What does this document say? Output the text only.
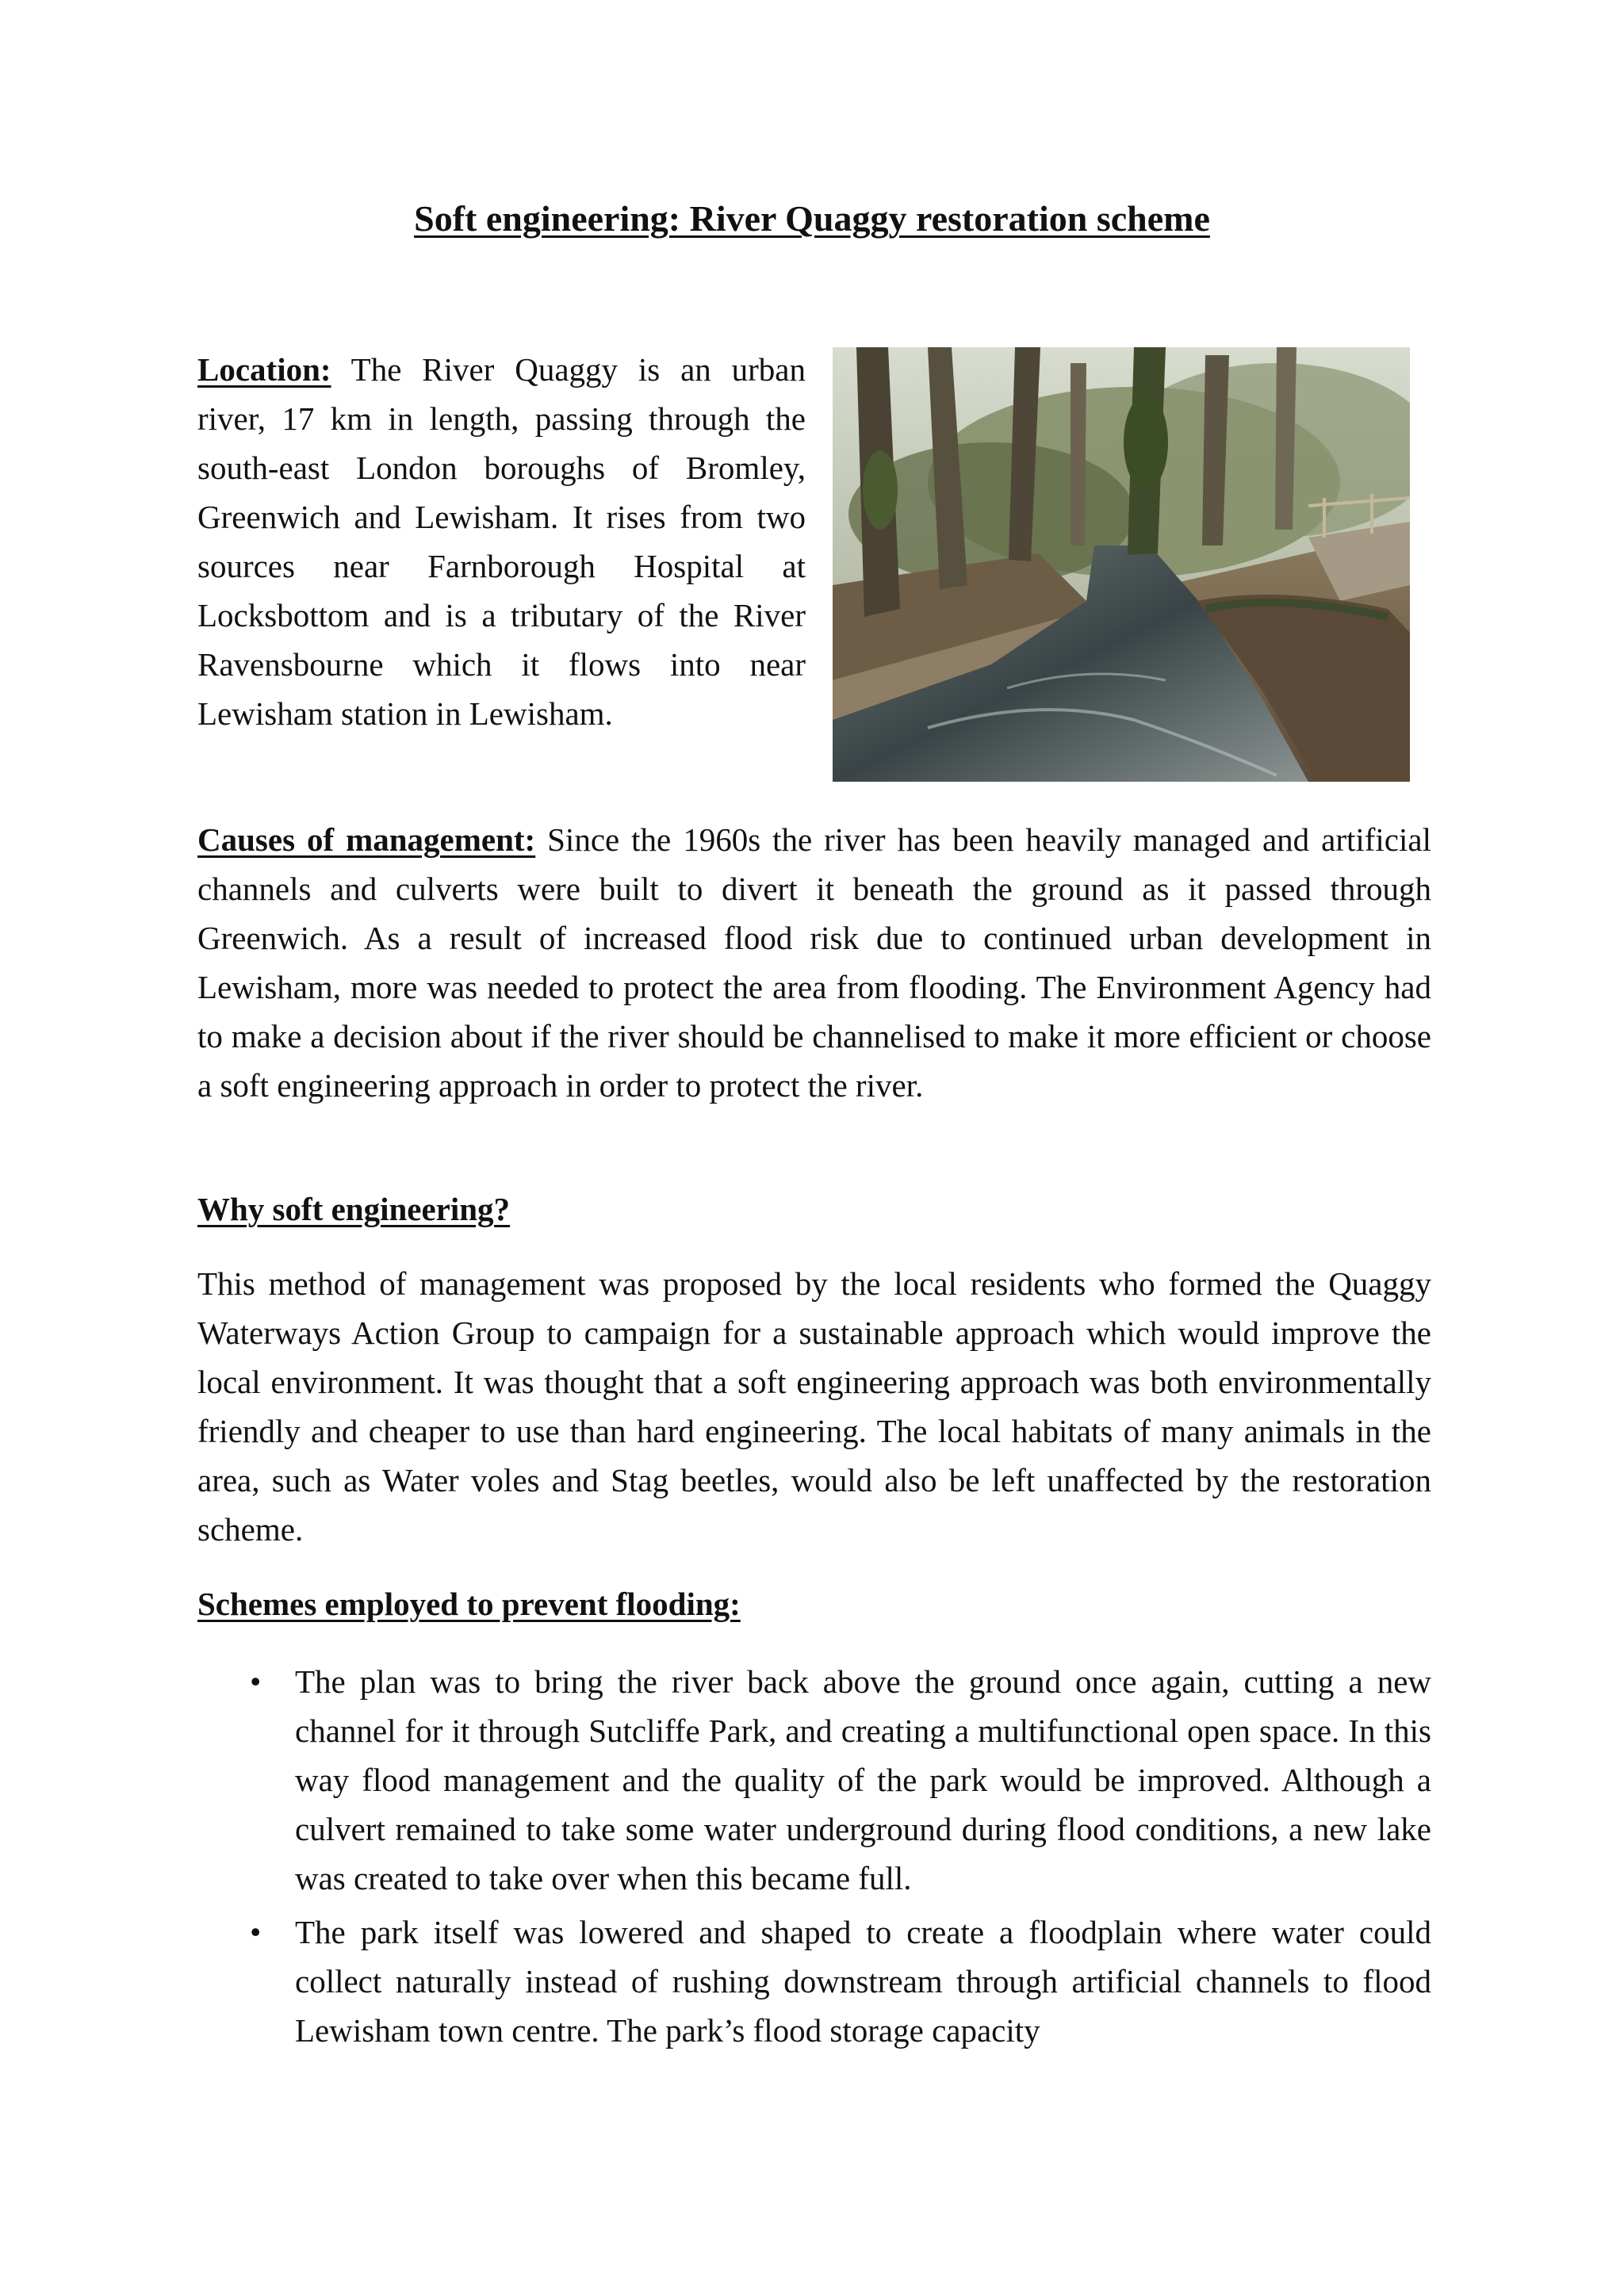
Soft engineering: River Quaggy restoration scheme
Location: The River Quaggy is an urban river, 17 km in length, passing through the south-east London boroughs of Bromley, Greenwich and Lewisham. It rises from two sources near Farnborough Hospital at Locksbottom and is a tributary of the River Ravensbourne which it flows into near Lewisham station in Lewisham.
Causes of management: Since the 1960s the river has been heavily managed and artificial channels and culverts were built to divert it beneath the ground as it passed through Greenwich. As a result of increased flood risk due to continued urban development in Lewisham, more was needed to protect the area from flooding. The Environment Agency had to make a decision about if the river should be channelised to make it more efficient or choose a soft engineering approach in order to protect the river.
Why soft engineering?
This method of management was proposed by the local residents who formed the Quaggy Waterways Action Group to campaign for a sustainable approach which would improve the local environment. It was thought that a soft engineering approach was both environmentally friendly and cheaper to use than hard engineering. The local habitats of many animals in the area, such as Water voles and Stag beetles, would also be left unaffected by the restoration scheme.
Schemes employed to prevent flooding:
• The plan was to bring the river back above the ground once again, cutting a new channel for it through Sutcliffe Park, and creating a multifunctional open space. In this way flood management and the quality of the park would be improved. Although a culvert remained to take some water underground during flood conditions, a new lake was created to take over when this became full.
• The park itself was lowered and shaped to create a floodplain where water could collect naturally instead of rushing downstream through artificial channels to flood Lewisham town centre. The park’s flood storage capacity
